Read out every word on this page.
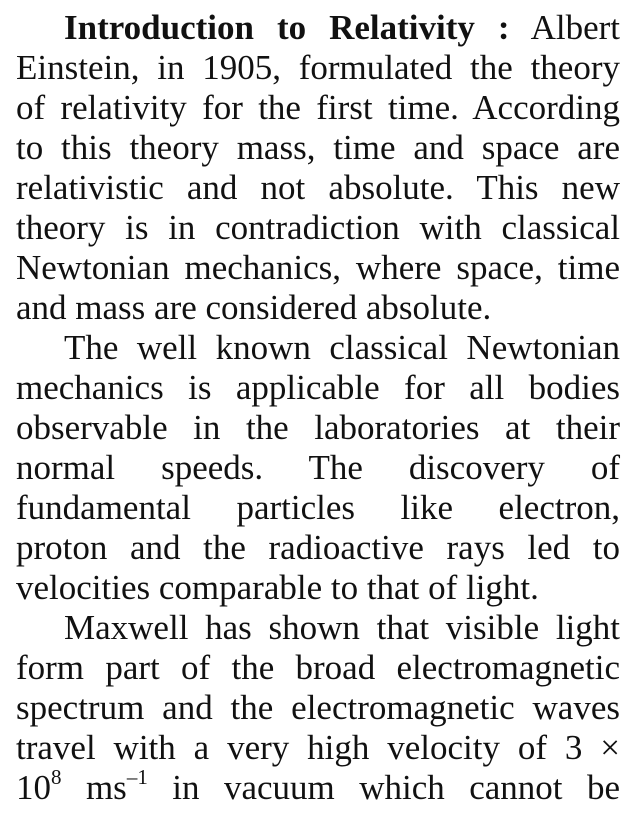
Introduction to Relativity : Albert
Einstein, in 1905, formulated the theory
of relativity for the first time. According
to this theory mass, time and space are
relativistic and not absolute. This new
theory is in contradiction with classical
Newtonian mechanics, where space, time
and mass are considered absolute.
The well known classical Newtonian
mechanics is applicable for all bodies
observable in the laboratories at their
normal speeds. The discovery of
fundamental particles like electron,
proton and the radioactive rays led to
velocities comparable to that of light.
Maxwell has shown that visible light
form part of the broad electromagnetic
spectrum and the electromagnetic waves
travel with a very high velocity of 3 ×
$10^8$ $ms^{-1}$ in vacuum which cannot be
